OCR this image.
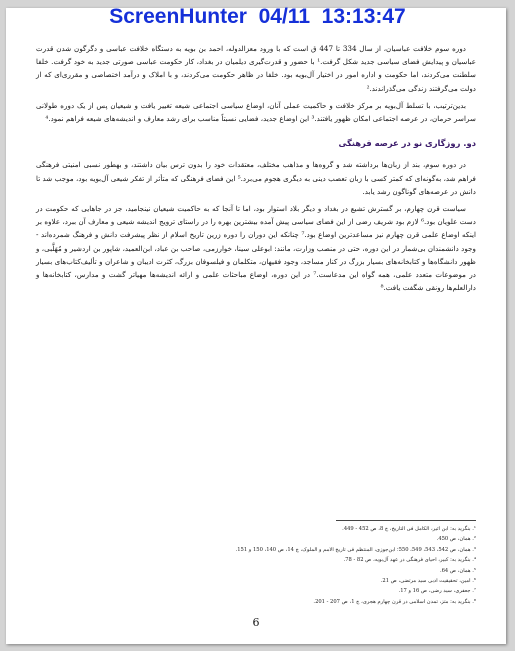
دوره سوم خلافت عباسیان، از سال 334 تا 447 ق است که با ورود معزالدوله، احمد بن بویه به دستگاه خلافت عباسی و دگرگون شدن قدرت عباسیان و پیدایش فضای سیاسی جدید شکل گرفت.¹ با حضور و قدرت‌گیری دیلمیان در بغداد، کار حکومت عباسی صورتی جدید به خود گرفت. خلفا سلطنت می‌کردند، اما حکومت و اداره امور در اختیار آل‌بویه بود. خلفا در ظاهر حکومت می‌کردند، و با املاک و درآمد اختصاصی و مقرری‌ای که از دولت می‌گرفتند زندگی می‌گذراندند.²

بدین‌ترتیب، با تسلط آل‌بویه بر مرکز خلافت و حاکمیت عملی آنان، اوضاع سیاسی اجتماعی شیعه تغییر یافت و شیعیان پس از یک دوره طولانی سراسر حرمان، در عرصه اجتماعی امکان ظهور یافتند.³ این اوضاع جدید، فضایی نسبتاً مناسب برای رشد معارف و اندیشه‌های شیعه فراهم نمود.⁴

دو. روزگاری نو در عرصه فرهنگی

در دوره سوم، بند از زبان‌ها برداشته شد و گروه‌ها و مذاهب مختلف، معتقدات خود را بدون ترس بیان داشتند، و بهطور نسبی امنیتی فرهنگی فراهم شد، به‌گونه‌ای که کمتر کسی با زبان تعصب دینی به دیگری هجوم می‌برد.⁵ این فضای فرهنگی که متأثر از تفکر شیعی آل‌بویه بود، موجب شد تا دانش در عرصه‌های گوناگون رشد یابد.

سیاست قرن چهارم، بر گسترش تشیع در بغداد و دیگر بلاد استوار بود، اما تا آنجا که به حاکمیت شیعیان نینجامید، جز در جاهایی که حکومت در دست علویان بود.⁶ لازم بود شریف رضی از این فضای سیاسی پیش آمده بیشترین بهره را در راستای ترویج اندیشه شیعی و معارف آن ببرد، علاوه بر اینکه اوضاع علمی قرن چهارم نیز مساعدترین اوضاع بود.⁷ چنانکه این دوران را دوره زرین تاریخ اسلام از نظر پیشرفت دانش و فرهنگ شمرده‌اند - وجود دانشمندان بی‌شمار در این دوره، حتی در منصب وزارت، مانند: ابوعلی سینا، خوارزمی، صاحب بن عباد، ابن‌العمید، شاپور بن اردشیر و مُهَلَّبی، و ظهور دانشگاه‌ها و کتابخانه‌های بسیار بزرگ در کنار مساجد، وجود فقیهان، متکلمان و فیلسوفان بزرگ، کثرت ادیبان و شاعران و تألیف‌کتاب‌های بسیار در موضوعات متعدد علمی، همه گواه این مدعاست.⁷ در این دوره، اوضاع مباحثات علمی و ارائه اندیشه‌ها مهیاتر گشت و مدارس، کتابخانه‌ها و دارالعلم‌ها رونقی شگفت یافت.⁸

¹. بنگرید به: ابن اثیر، الکامل فی التاریخ، ج 8، ص 452 - 449.
². همان، ص 450.
³. همان، ص 542، 543، 549، 550؛ ابن‌جوزی، المنتظم فی تاریخ الامم و الملوک، ج 14، ص 140، 150 و 151.
⁴. بنگرید به: کبیر، احیای فرهنگی در عهد آل‌بویه، ص 82 - 78.
⁵. همان، ص 64.
⁶. امین، تحقیقیت ادبی سید مرتضی، ص 21.
⁷. جعفری، سید رضی، ص 16 و 17.
⁸. بنگرید به: متز، تمدن اسلامی در قرن چهارم هجری، ج 1، ص 207 - 201.
6
ScreenHunter  04/11  13:13:47
